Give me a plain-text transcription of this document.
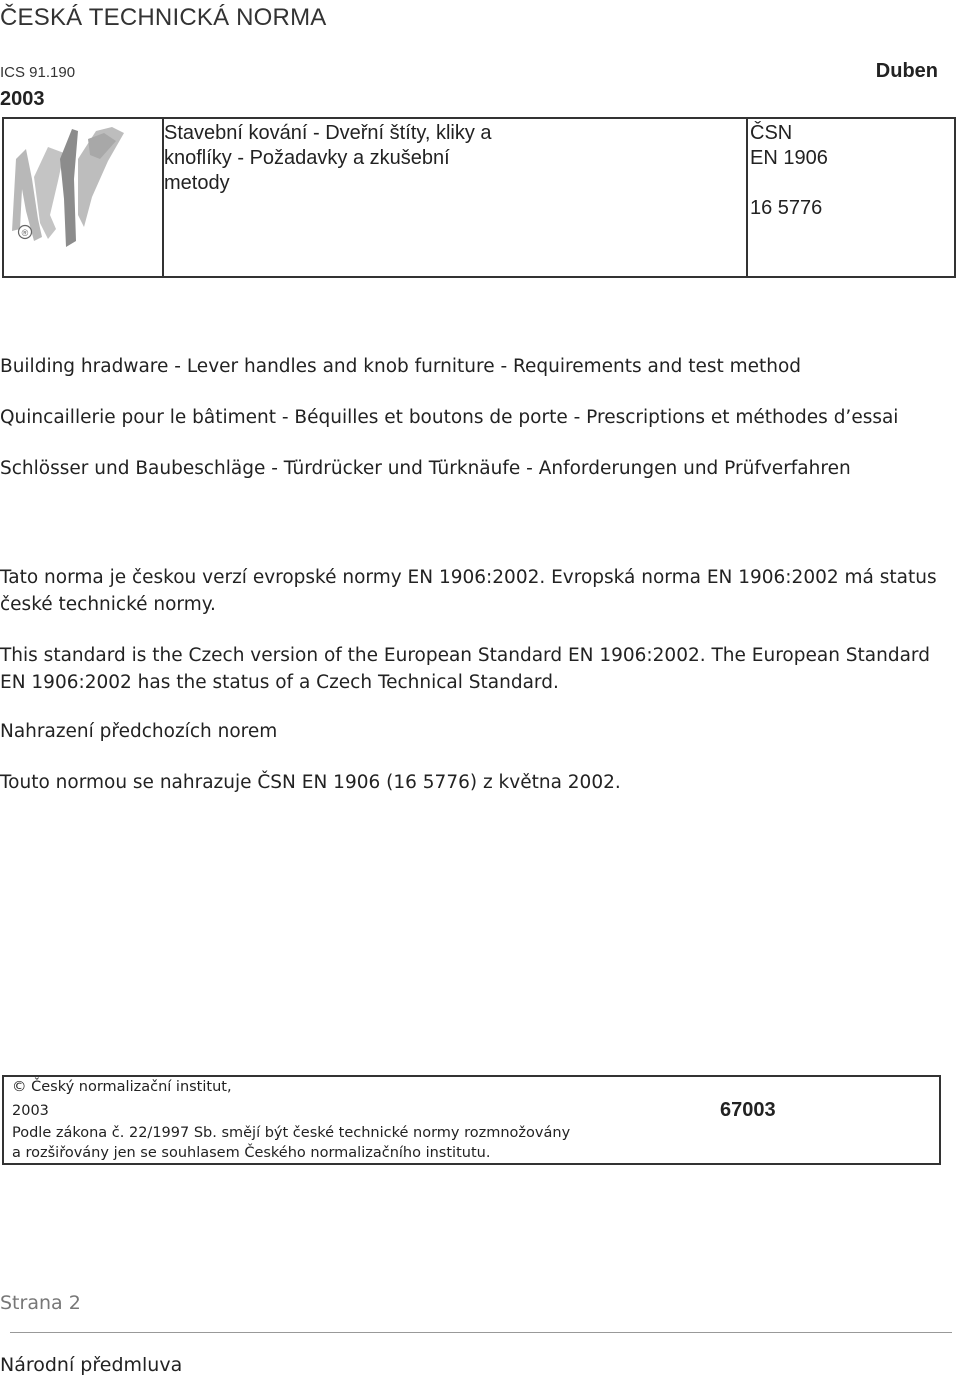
ČESKÁ TECHNICKÁ NORMA
ICS 91.190
2003
Duben
®
Stavební kování - Dveřní štíty, kliky a knoflíky - Požadavky a zkušební metody
ČSN
EN 1906
16 5776
Building hradware - Lever handles and knob furniture - Requirements and test method
Quincaillerie pour le bâtiment - Béquilles et boutons de porte - Prescriptions et méthodes d’essai
Schlösser und Baubeschläge - Türdrücker und Türknäufe - Anforderungen und Prüfverfahren
Tato norma je českou verzí evropské normy EN 1906:2002. Evropská norma EN 1906:2002 má status české technické normy.
This standard is the Czech version of the European Standard EN 1906:2002. The European Standard EN 1906:2002 has the status of a Czech Technical Standard.
Nahrazení předchozích norem
Touto normou se nahrazuje ČSN EN 1906 (16 5776) z května 2002.
© Český normalizační institut,
2003
Podle zákona č. 22/1997 Sb. smějí být české technické normy rozmnožovány
a rozšiřovány jen se souhlasem Českého normalizačního institutu.
67003
Strana 2
Národní předmluva
